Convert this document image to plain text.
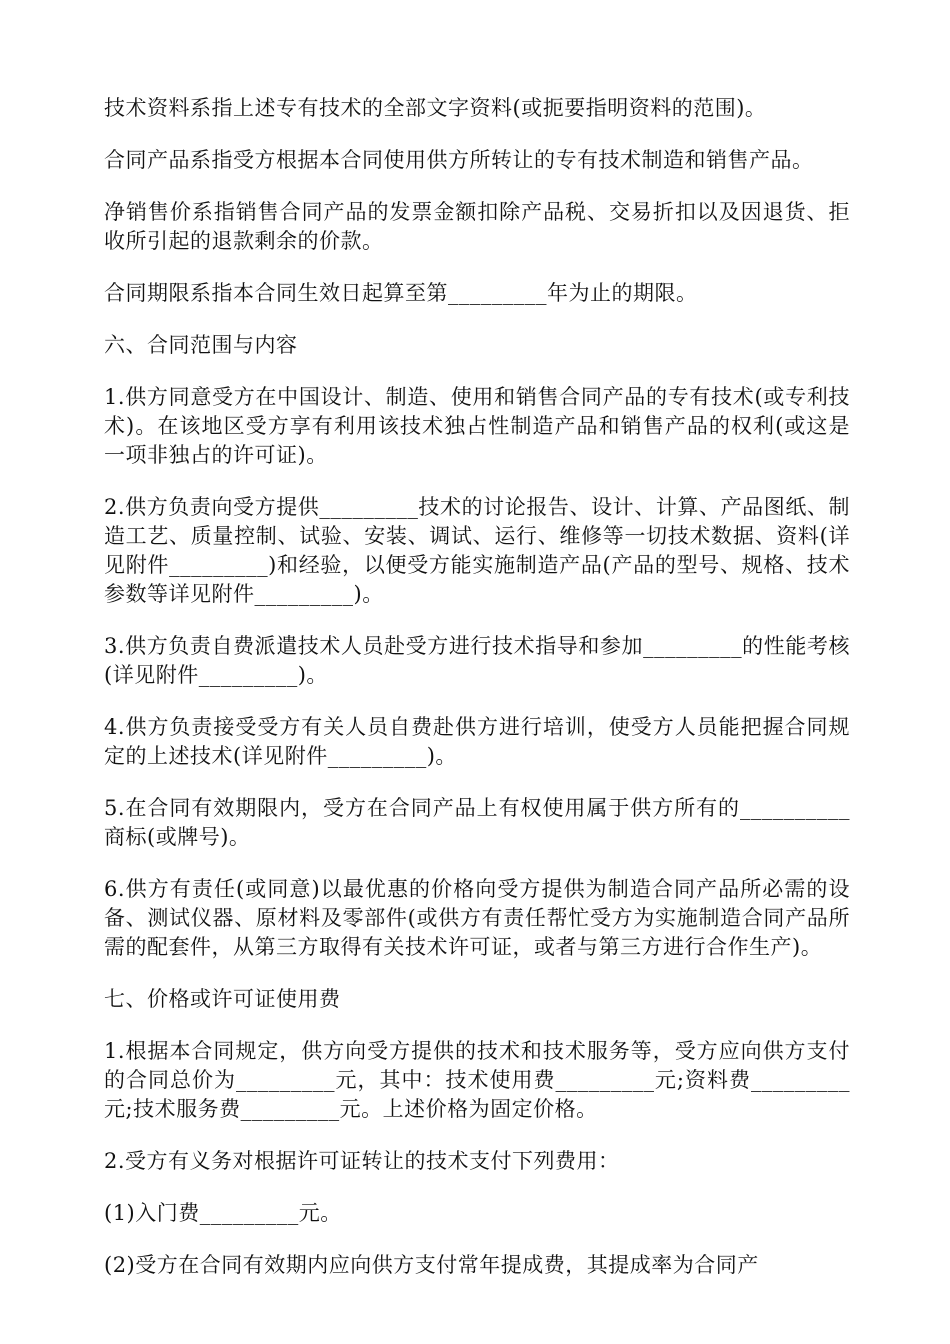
技术资料系指上述专有技术的全部文字资料(或扼要指明资料的范围)。

合同产品系指受方根据本合同使用供方所转让的专有技术制造和销售产品。

净销售价系指销售合同产品的发票金额扣除产品税、交易折扣以及因退货、拒收所引起的退款剩余的价款。

合同期限系指本合同生效日起算至第_________年为止的期限。

六、合同范围与内容

1.供方同意受方在中国设计、制造、使用和销售合同产品的专有技术(或专利技术)。在该地区受方享有利用该技术独占性制造产品和销售产品的权利(或这是一项非独占的许可证)。

2.供方负责向受方提供_________技术的讨论报告、设计、计算、产品图纸、制造工艺、质量控制、试验、安装、调试、运行、维修等一切技术数据、资料(详见附件_________)和经验，以便受方能实施制造产品(产品的型号、规格、技术参数等详见附件_________)。

3.供方负责自费派遣技术人员赴受方进行技术指导和参加_________的性能考核(详见附件_________)。

4.供方负责接受受方有关人员自费赴供方进行培训，使受方人员能把握合同规定的上述技术(详见附件_________)。

5.在合同有效期限内，受方在合同产品上有权使用属于供方所有的__________商标(或牌号)。

6.供方有责任(或同意)以最优惠的价格向受方提供为制造合同产品所必需的设备、测试仪器、原材料及零部件(或供方有责任帮忙受方为实施制造合同产品所需的配套件，从第三方取得有关技术许可证，或者与第三方进行合作生产)。

七、价格或许可证使用费

1.根据本合同规定，供方向受方提供的技术和技术服务等，受方应向供方支付的合同总价为_________元，其中：技术使用费_________元;资料费_________元;技术服务费_________元。上述价格为固定价格。

2.受方有义务对根据许可证转让的技术支付下列费用：

(1)入门费_________元。

(2)受方在合同有效期内应向供方支付常年提成费，其提成率为合同产
